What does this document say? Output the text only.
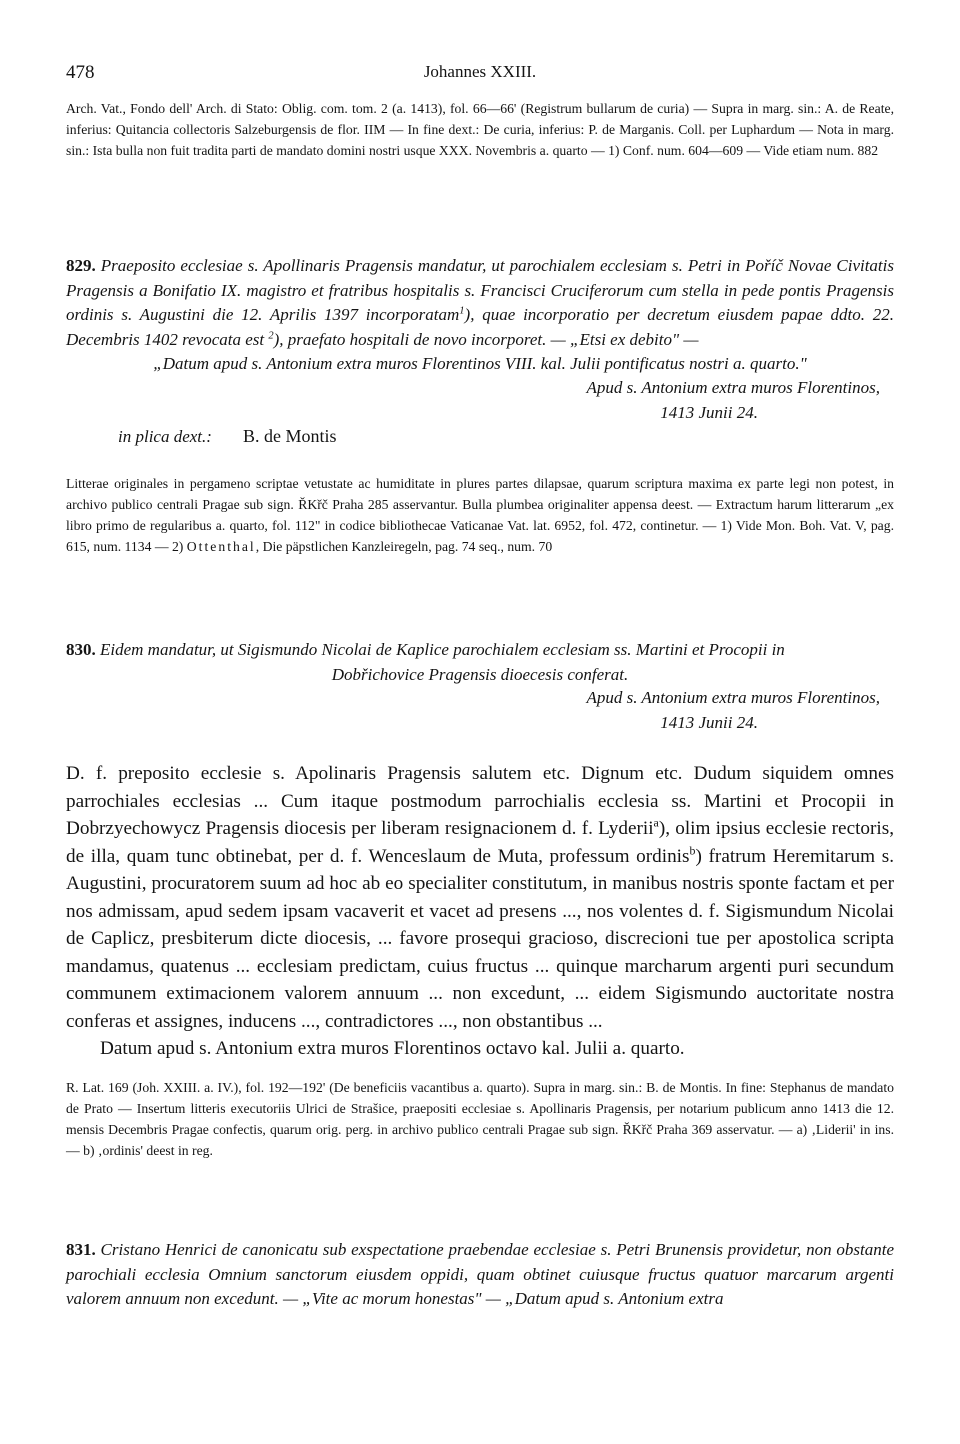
478	Johannes XXIII.
Arch. Vat., Fondo dell' Arch. di Stato: Oblig. com. tom. 2 (a. 1413), fol. 66—66' (Registrum bullarum de curia) — Supra in marg. sin.: A. de Reate, inferius: Quitancia collectoris Salzeburgensis de flor. IIM — In fine dext.: De curia, inferius: P. de Marganis. Coll. per Luphardum — Nota in marg. sin.: Ista bulla non fuit tradita parti de mandato domini nostri usque XXX. Novembris a. quarto — 1) Conf. num. 604—609 — Vide etiam num. 882
829. Praeposito ecclesiae s. Apollinaris Pragensis mandatur, ut parochialem ecclesiam s. Petri in Poříč Novae Civitatis Pragensis a Bonifatio IX. magistro et fratribus hospitalis s. Francisci Cruciferorum cum stella in pede pontis Pragensis ordinis s. Augustini die 12. Aprilis 1397 incorporatam$^1$), quae incorporatio per decretum eiusdem papae ddto. 22. Decembris 1402 revocata est $^2$), praefato hospitali de novo incorporet. — „Etsi ex debito" —
„Datum apud s. Antonium extra muros Florentinos VIII. kal. Julii pontificatus nostri a. quarto."
Apud s. Antonium extra muros Florentinos,
1413 Junii 24.
in plica dext.: B. de Montis
Litterae originales in pergameno scriptae vetustate ac humiditate in plures partes dilapsae, quarum scriptura maxima ex parte legi non potest, in archivo publico centrali Pragae sub sign. ŘKřč Praha 285 asservantur. Bulla plumbea originaliter appensa deest. — Extractum harum litterarum „ex libro primo de regularibus a. quarto, fol. 112" in codice bibliothecae Vaticanae Vat. lat. 6952, fol. 472, continetur. — 1) Vide Mon. Boh. Vat. V, pag. 615, num. 1134 — 2) Ottenthal, Die päpstlichen Kanzleiregeln, pag. 74 seq., num. 70
830. Eidem mandatur, ut Sigismundo Nicolai de Kaplice parochialem ecclesiam ss. Martini et Procopii in
Dobřichovice Pragensis dioecesis conferat.
Apud s. Antonium extra muros Florentinos,
1413 Junii 24.
D. f. preposito ecclesie s. Apolinaris Pragensis salutem etc. Dignum etc. Dudum siquidem omnes parrochiales ecclesias ... Cum itaque postmodum parrochialis ecclesia ss. Martini et Procopii in Dobrzyechowycz Pragensis diocesis per liberam resignacionem d. f. Lyderii$^a$), olim ipsius ecclesie rectoris, de illa, quam tunc obtinebat, per d. f. Wenceslaum de Muta, professum ordinis$^b$) fratrum Heremitarum s. Augustini, procuratorem suum ad hoc ab eo specialiter constitutum, in manibus nostris sponte factam et per nos admissam, apud sedem ipsam vacaverit et vacet ad presens ..., nos volentes d. f. Sigismundum Nicolai de Caplicz, presbiterum dicte diocesis, ... favore prosequi gracioso, discrecioni tue per apostolica scripta mandamus, quatenus ... ecclesiam predictam, cuius fructus ... quinque marcharum argenti puri secundum communem extimacionem valorem annuum ... non excedunt, ... eidem Sigismundo auctoritate nostra conferas et assignes, inducens ..., contradictores ..., non obstantibus ...
Datum apud s. Antonium extra muros Florentinos octavo kal. Julii a. quarto.
R. Lat. 169 (Joh. XXIII. a. IV.), fol. 192—192' (De beneficiis vacantibus a. quarto). Supra in marg. sin.: B. de Montis. In fine: Stephanus de mandato de Prato — Insertum litteris executoriis Ulrici de Strašice, praepositi ecclesiae s. Apollinaris Pragensis, per notarium publicum anno 1413 die 12. mensis Decembris Pragae confectis, quarum orig. perg. in archivo publico centrali Pragae sub sign. ŘKřč Praha 369 asservatur. — a) ‚Liderii' in ins. — b) ‚ordinis' deest in reg.
831. Cristano Henrici de canonicatu sub exspectatione praebendae ecclesiae s. Petri Brunensis providetur, non obstante parochiali ecclesia Omnium sanctorum eiusdem oppidi, quam obtinet cuiusque fructus quatuor marcarum argenti valorem annuum non excedunt. — „Vite ac morum honestas" — „Datum apud s. Antonium extra
